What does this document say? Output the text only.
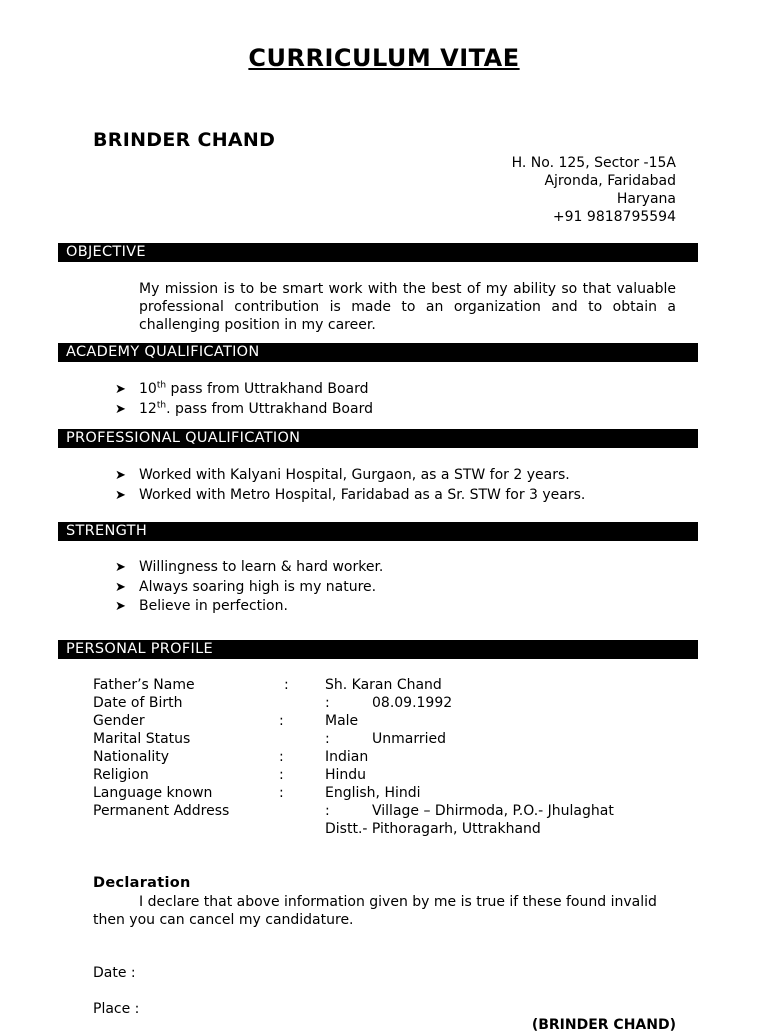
CURRICULUM VITAE
BRINDER CHAND
H. No. 125, Sector -15A
Ajronda, Faridabad
Haryana
+91 9818795594
OBJECTIVE
My mission is to be smart work with the best of my ability so that valuable professional contribution is made to an organization and to obtain a challenging position in my career.
ACADEMY QUALIFICATION
➤ 10th pass from Uttrakhand Board
➤ 12th. pass from Uttrakhand Board
PROFESSIONAL QUALIFICATION
➤ Worked with Kalyani Hospital, Gurgaon, as a STW for 2 years.
➤ Worked with Metro Hospital, Faridabad as a Sr. STW for 3 years.
STRENGTH
➤ Willingness to learn & hard worker.
➤ Always soaring high is my nature.
➤ Believe in perfection.
PERSONAL PROFILE
Father’s Name	:	Sh. Karan Chand
Date of Birth	:	08.09.1992
Gender	:	Male
Marital Status	:	Unmarried
Nationality	:	Indian
Religion	:	Hindu
Language known	:	English, Hindi
Permanent Address	:	Village – Dhirmoda, P.O.- Jhulaghat
Distt.- Pithoragarh, Uttrakhand
Declaration
I declare that above information given by me is true if these found invalid then you can cancel my candidature.
Date :
Place :
(BRINDER CHAND)
